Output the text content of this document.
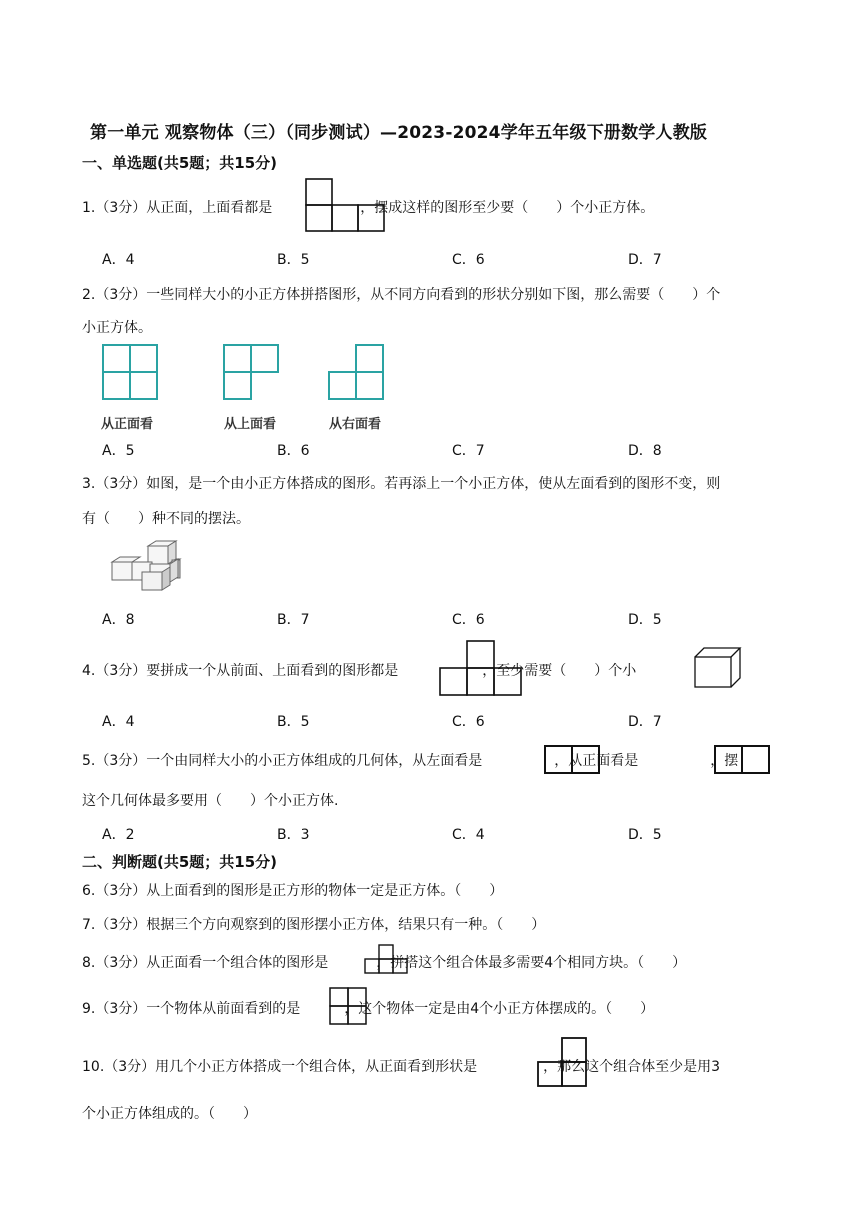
第一单元 观察物体（三）（同步测试）—2023-2024学年五年级下册数学人教版
一、单选题(共5题；共15分)
1.（3分）从正面，上面看都是	，摆成这样的图形至少要（　　）个小正方体。
A．4	B．5	C．6	D．7
2.（3分）一些同样大小的小正方体拼搭图形，从不同方向看到的形状分别如下图，那么需要（　　）个
小正方体。
从正面看	从上面看	从右面看
A．5	B．6	C．7	D．8
3.（3分）如图，是一个由小正方体搭成的图形。若再添上一个小正方体，使从左面看到的图形不变，则
有（　　）种不同的摆法。
A．8	B．7	C．6	D．5
4.（3分）要拼成一个从前面、上面看到的图形都是	，至少需要（　　）个小
A．4	B．5	C．6	D．7
5.（3分）一个由同样大小的小正方体组成的几何体，从左面看是	，从正面看是	，摆
这个几何体最多要用（　　）个小正方体.
A．2	B．3	C．4	D．5
二、判断题(共5题；共15分)
6.（3分）从上面看到的图形是正方形的物体一定是正方体。（　　）
7.（3分）根据三个方向观察到的图形摆小正方体，结果只有一种。（　　）
8.（3分）从正面看一个组合体的图形是	，拼搭这个组合体最多需要4个相同方块。（　　）
9.（3分）一个物体从前面看到的是	，这个物体一定是由4个小正方体摆成的。（　　）
10.（3分）用几个小正方体搭成一个组合体，从正面看到形状是	，那么这个组合体至少是用3
个小正方体组成的。（　　）
